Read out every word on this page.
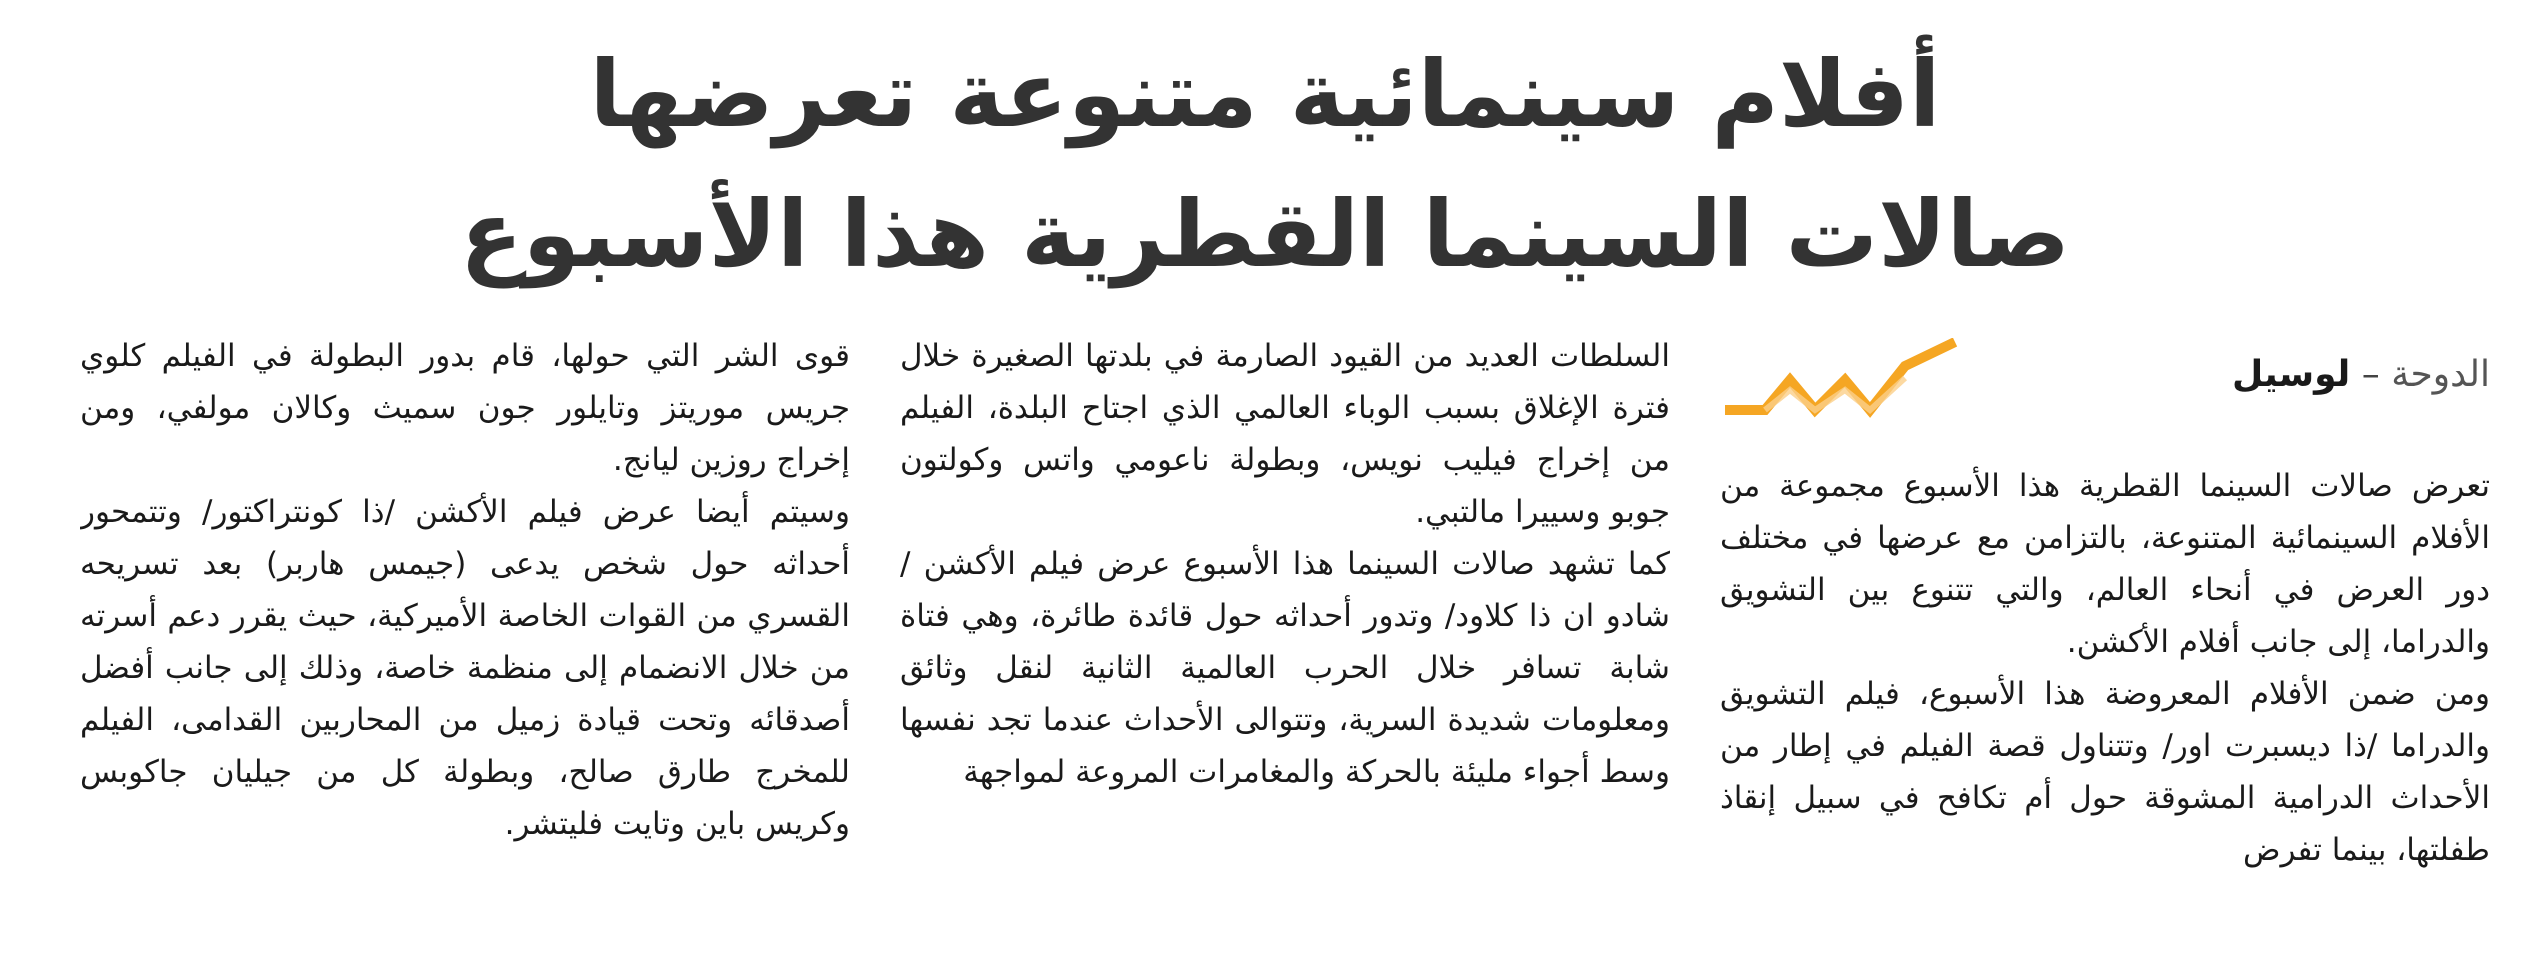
أفلام سينمائية متنوعة تعرضها
صالات السينما القطرية هذا الأسبوع
الدوحة – لوسيل

تعرض صالات السينما القطرية هذا الأسبوع مجموعة من الأفلام السينمائية المتنوعة، بالتزامن مع عرضها في مختلف دور العرض في أنحاء العالم، والتي تتنوع بين التشويق والدراما، إلى جانب أفلام الأكشن.

ومن ضمن الأفلام المعروضة هذا الأسبوع، فيلم التشويق والدراما /ذا ديسبرت اور/ وتتناول قصة الفيلم في إطار من الأحداث الدرامية المشوقة حول أم تكافح في سبيل إنقاذ طفلتها، بينما تفرض

السلطات العديد من القيود الصارمة في بلدتها الصغيرة خلال فترة الإغلاق بسبب الوباء العالمي الذي اجتاح البلدة، الفيلم من إخراج فيليب نويس، وبطولة ناعومي واتس وكولتون جوبو وسييرا مالتبي.

كما تشهد صالات السينما هذا الأسبوع عرض فيلم الأكشن /شادو ان ذا كلاود/ وتدور أحداثه حول قائدة طائرة، وهي فتاة شابة تسافر خلال الحرب العالمية الثانية لنقل وثائق ومعلومات شديدة السرية، وتتوالى الأحداث عندما تجد نفسها وسط أجواء مليئة بالحركة والمغامرات المروعة لمواجهة

قوى الشر التي حولها، قام بدور البطولة في الفيلم كلوي جريس موريتز وتايلور جون سميث وكالان مولفي، ومن إخراج روزين ليانج.

وسيتم أيضا عرض فيلم الأكشن /ذا كونتراكتور/ وتتمحور أحداثه حول شخص يدعى (جيمس هاربر) بعد تسريحه القسري من القوات الخاصة الأميركية، حيث يقرر دعم أسرته من خلال الانضمام إلى منظمة خاصة، وذلك إلى جانب أفضل أصدقائه وتحت قيادة زميل من المحاربين القدامى، الفيلم للمخرج طارق صالح، وبطولة كل من جيليان جاكوبس وكريس باين وتايت فليتشر.
